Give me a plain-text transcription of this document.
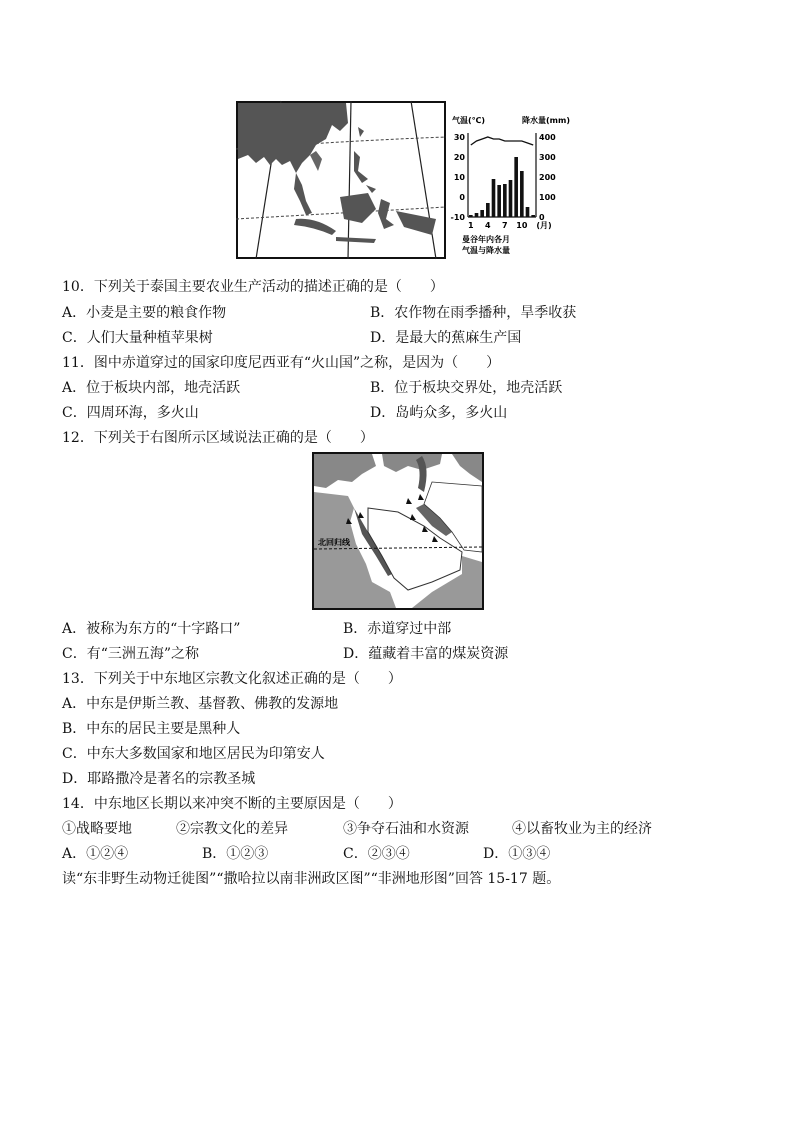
气温(℃)	降水量(mm)
30
20
10
0
-10
400
300
200
100
0
1 4 7 10 (月)
曼谷年内各月
气温与降水量
10．下列关于泰国主要农业生产活动的描述正确的是（　　）
A．小麦是主要的粮食作物	B．农作物在雨季播种，旱季收获
C．人们大量种植苹果树	D．是最大的蕉麻生产国
11．图中赤道穿过的国家印度尼西亚有“火山国”之称，是因为（　　）
A．位于板块内部，地壳活跃	B．位于板块交界处，地壳活跃
C．四周环海，多火山	D．岛屿众多，多火山
12．下列关于右图所示区域说法正确的是（　　）
北回归线
A．被称为东方的“十字路口”	B．赤道穿过中部
C．有“三洲五海”之称	D．蕴藏着丰富的煤炭资源
13．下列关于中东地区宗教文化叙述正确的是（　　）
A．中东是伊斯兰教、基督教、佛教的发源地
B．中东的居民主要是黑种人
C．中东大多数国家和地区居民为印第安人
D．耶路撒冷是著名的宗教圣城
14．中东地区长期以来冲突不断的主要原因是（　　）
①战略要地	②宗教文化的差异	③争夺石油和水资源	④以畜牧业为主的经济
A．①②④	B．①②③	C．②③④	D．①③④
读“东非野生动物迁徙图”“撒哈拉以南非洲政区图”“非洲地形图”回答 15-17 题。
